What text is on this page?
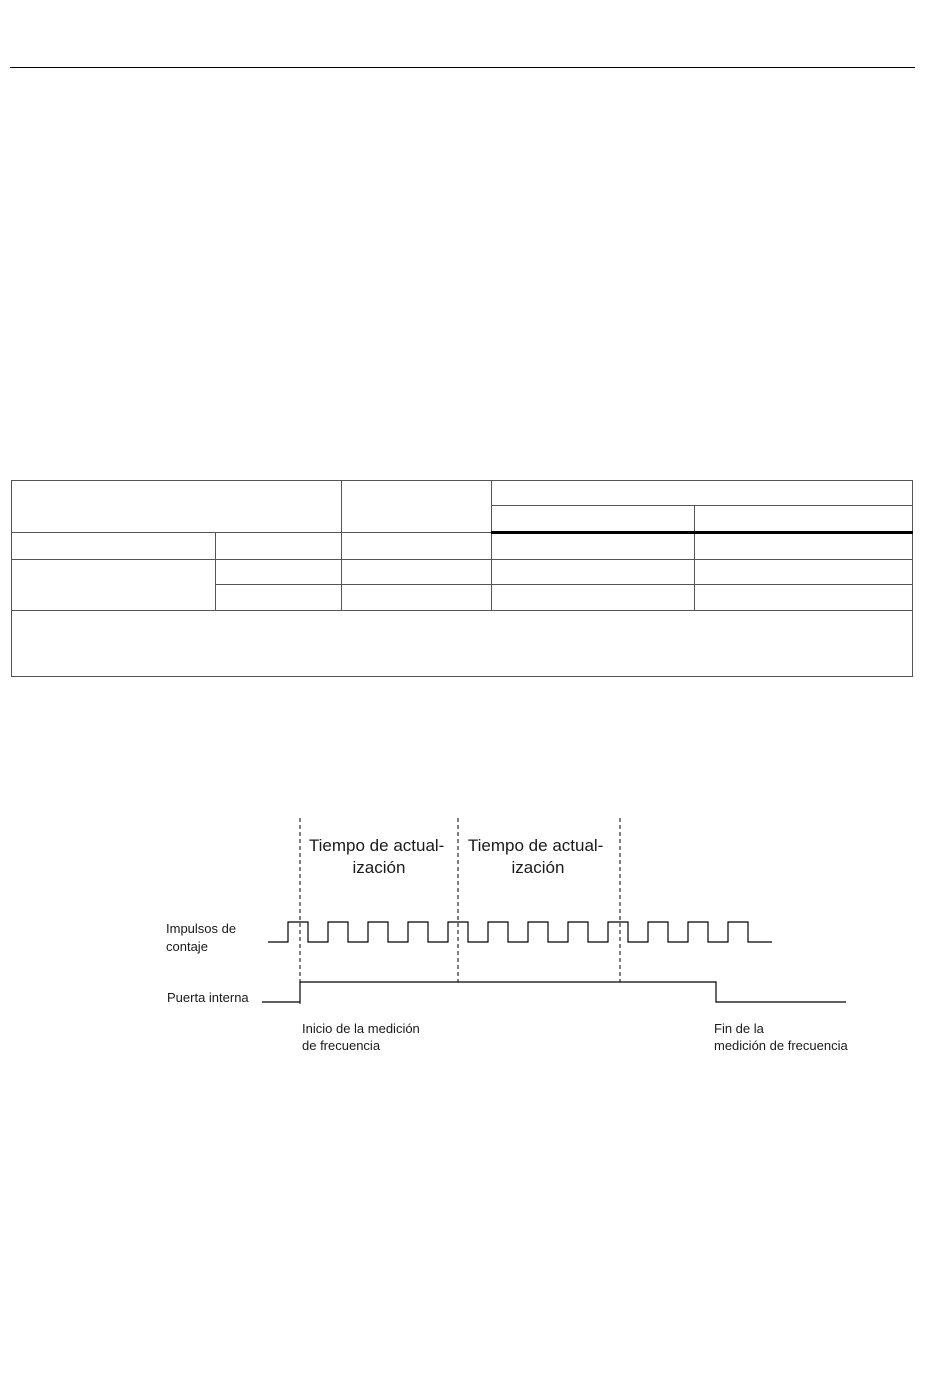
Tiempo de actual- ización
Tiempo de actual- ización
Impulsos de contaje
Puerta interna
Inicio de la medición de frecuencia
Fin de la medición de frecuencia
